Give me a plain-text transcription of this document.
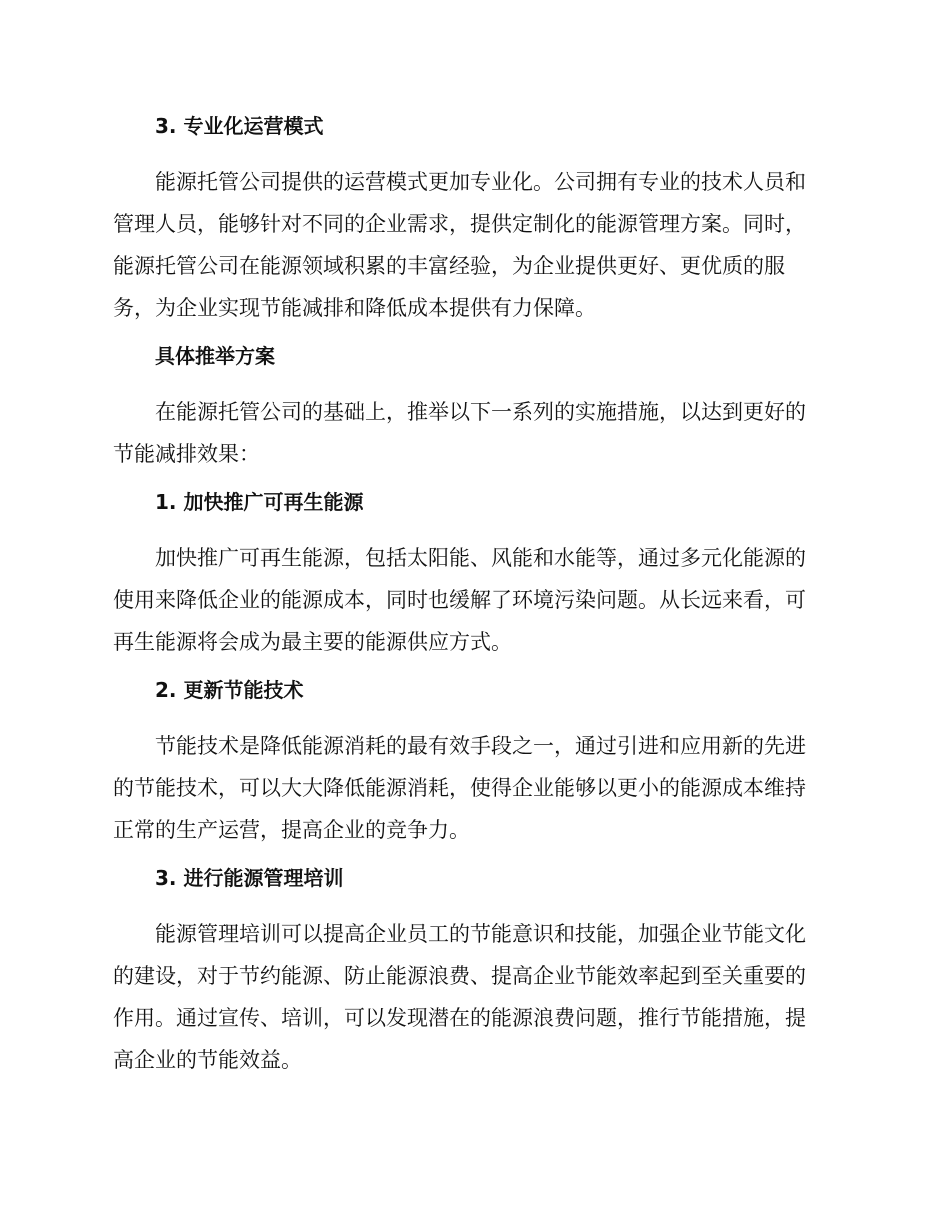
3. 专业化运营模式
能源托管公司提供的运营模式更加专业化。公司拥有专业的技术人员和
管理人员，能够针对不同的企业需求，提供定制化的能源管理方案。同时，
能源托管公司在能源领域积累的丰富经验，为企业提供更好、更优质的服
务，为企业实现节能减排和降低成本提供有力保障。
具体推举方案
在能源托管公司的基础上，推举以下一系列的实施措施，以达到更好的
节能减排效果：
1. 加快推广可再生能源
加快推广可再生能源，包括太阳能、风能和水能等，通过多元化能源的
使用来降低企业的能源成本，同时也缓解了环境污染问题。从长远来看，可
再生能源将会成为最主要的能源供应方式。
2. 更新节能技术
节能技术是降低能源消耗的最有效手段之一，通过引进和应用新的先进
的节能技术，可以大大降低能源消耗，使得企业能够以更小的能源成本维持
正常的生产运营，提高企业的竞争力。
3. 进行能源管理培训
能源管理培训可以提高企业员工的节能意识和技能，加强企业节能文化
的建设，对于节约能源、防止能源浪费、提高企业节能效率起到至关重要的
作用。通过宣传、培训，可以发现潜在的能源浪费问题，推行节能措施，提
高企业的节能效益。
